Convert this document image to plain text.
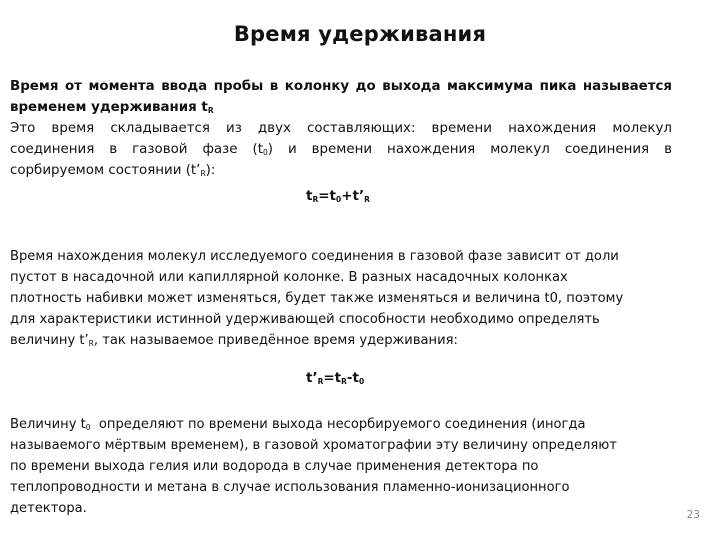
Время удерживания
Время от момента ввода пробы в колонку до выхода максимума пика называется
временем удерживания $t_R$
Это время складывается из двух составляющих: времени нахождения молекул
соединения в газовой фазе $(t_0)$ и времени нахождения молекул соединения в
сорбируемом состоянии $(t’_R)$:
$t_R=t_0+t’_R$
Время нахождения молекул исследуемого соединения в газовой фазе зависит от доли
пустот в насадочной или капиллярной колонке. В разных насадочных колонках
плотность набивки может изменяться, будет также изменяться и величина t0, поэтому
для характеристики истинной удерживающей способности необходимо определять
величину $t’_R$, так называемое приведённое время удерживания:
$t’_R=t_R-t_0$
Величину $t_0$  определяют по времени выхода несорбируемого соединения (иногда
называемого мёртвым временем), в газовой хроматографии эту величину определяют
по времени выхода гелия или водорода в случае применения детектора по
теплопроводности и метана в случае использования пламенно-ионизационного
детектора.	23
